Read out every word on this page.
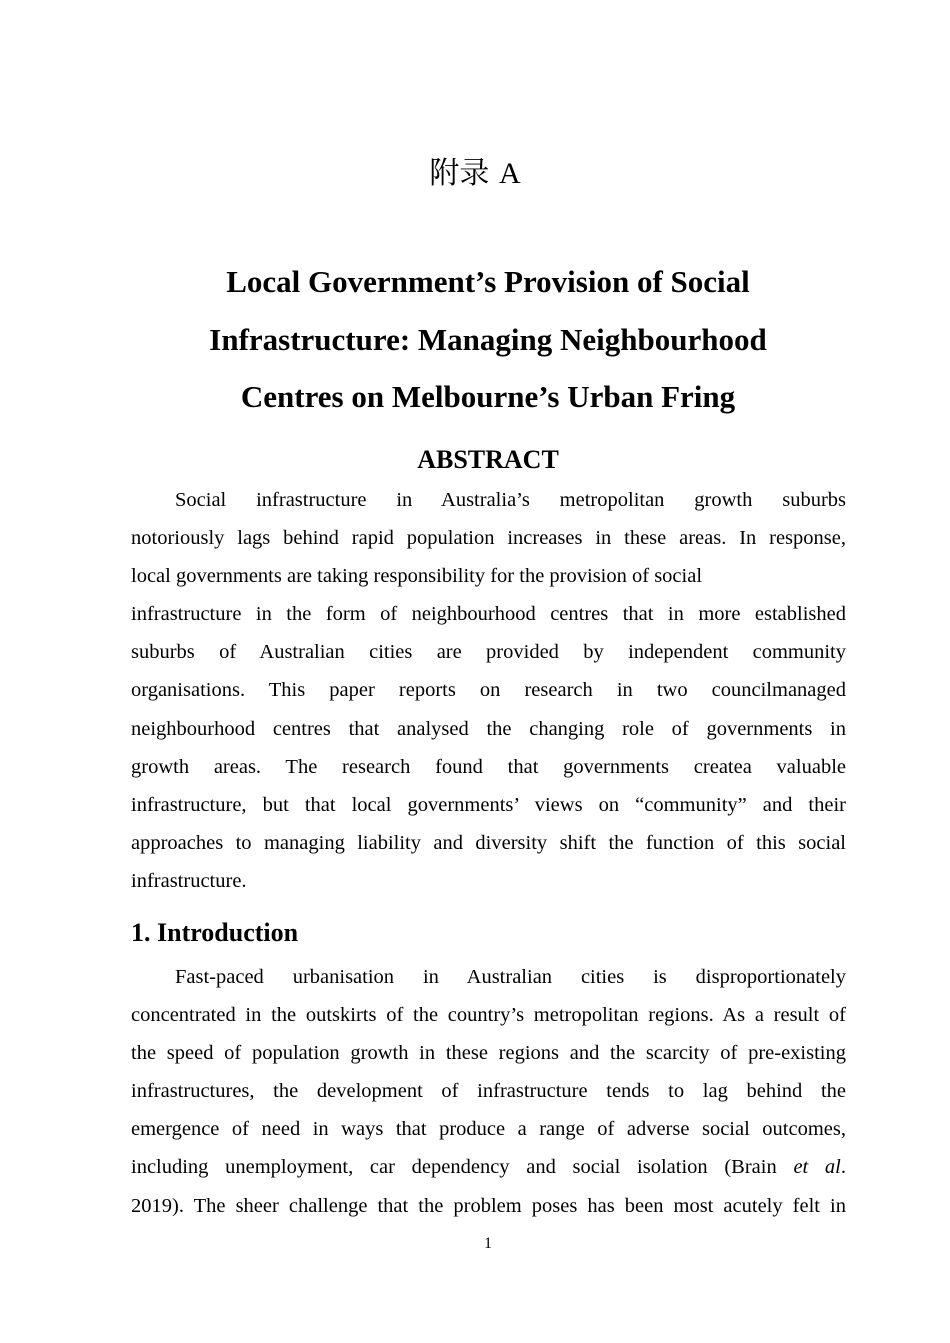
附录 A
Local Government’s Provision of Social
Infrastructure: Managing Neighbourhood
Centres on Melbourne’s Urban Fring
ABSTRACT
Social infrastructure in Australia’s metropolitan growth suburbs
notoriously lags behind rapid population increases in these areas. In response,
local governments are taking responsibility for the provision of social
infrastructure in the form of neighbourhood centres that in more established
suburbs of Australian cities are provided by independent community
organisations. This paper reports on research in two councilmanaged
neighbourhood centres that analysed the changing role of governments in
growth areas. The research found that governments createa valuable
infrastructure, but that local governments’ views on “community” and their
approaches to managing liability and diversity shift the function of this social
infrastructure.
1. Introduction
Fast-paced urbanisation in Australian cities is disproportionately
concentrated in the outskirts of the country’s metropolitan regions. As a result of
the speed of population growth in these regions and the scarcity of pre-existing
infrastructures, the development of infrastructure tends to lag behind the
emergence of need in ways that produce a range of adverse social outcomes,
including unemployment, car dependency and social isolation (Brain et al.
2019). The sheer challenge that the problem poses has been most acutely felt in
1
